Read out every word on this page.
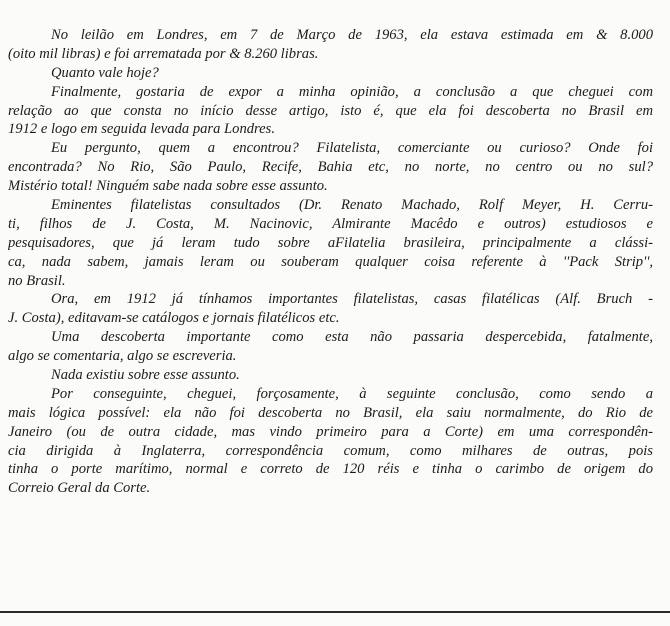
No leilão em Londres, em 7 de Março de 1963, ela estava estimada em & 8.000
(oito mil libras) e foi arrematada por & 8.260 libras.
Quanto vale hoje?
Finalmente, gostaria de expor a minha opinião, a conclusão a que cheguei com
relação ao que consta no início desse artigo, isto é, que ela foi descoberta no Brasil em
1912 e logo em seguida levada para Londres.
Eu pergunto, quem a encontrou? Filatelista, comerciante ou curioso? Onde foi
encontrada? No Rio, São Paulo, Recife, Bahia etc, no norte, no centro ou no sul?
Mistério total! Ninguém sabe nada sobre esse assunto.
Eminentes filatelistas consultados (Dr. Renato Machado, Rolf Meyer, H. Cerru-
ti, filhos de J. Costa, M. Nacinovic, Almirante Macêdo e outros) estudiosos e
pesquisadores, que já leram tudo sobre aFilatelia brasileira, principalmente a clássi-
ca, nada sabem, jamais leram ou souberam qualquer coisa referente à ''Pack Strip'',
no Brasil.
Ora, em 1912 já tínhamos importantes filatelistas, casas filatélicas (Alf. Bruch -
J. Costa), editavam-se catálogos e jornais filatélicos etc.
Uma descoberta importante como esta não passaria despercebida, fatalmente,
algo se comentaria, algo se escreveria.
Nada existiu sobre esse assunto.
Por conseguinte, cheguei, forçosamente, à seguinte conclusão, como sendo a
mais lógica possível: ela não foi descoberta no Brasil, ela saiu normalmente, do Rio de
Janeiro (ou de outra cidade, mas vindo primeiro para a Corte) em uma correspondên-
cia dirigida à Inglaterra, correspondência comum, como milhares de outras, pois
tinha o porte marítimo, normal e correto de 120 réis e tinha o carimbo de origem do
Correio Geral da Corte.
